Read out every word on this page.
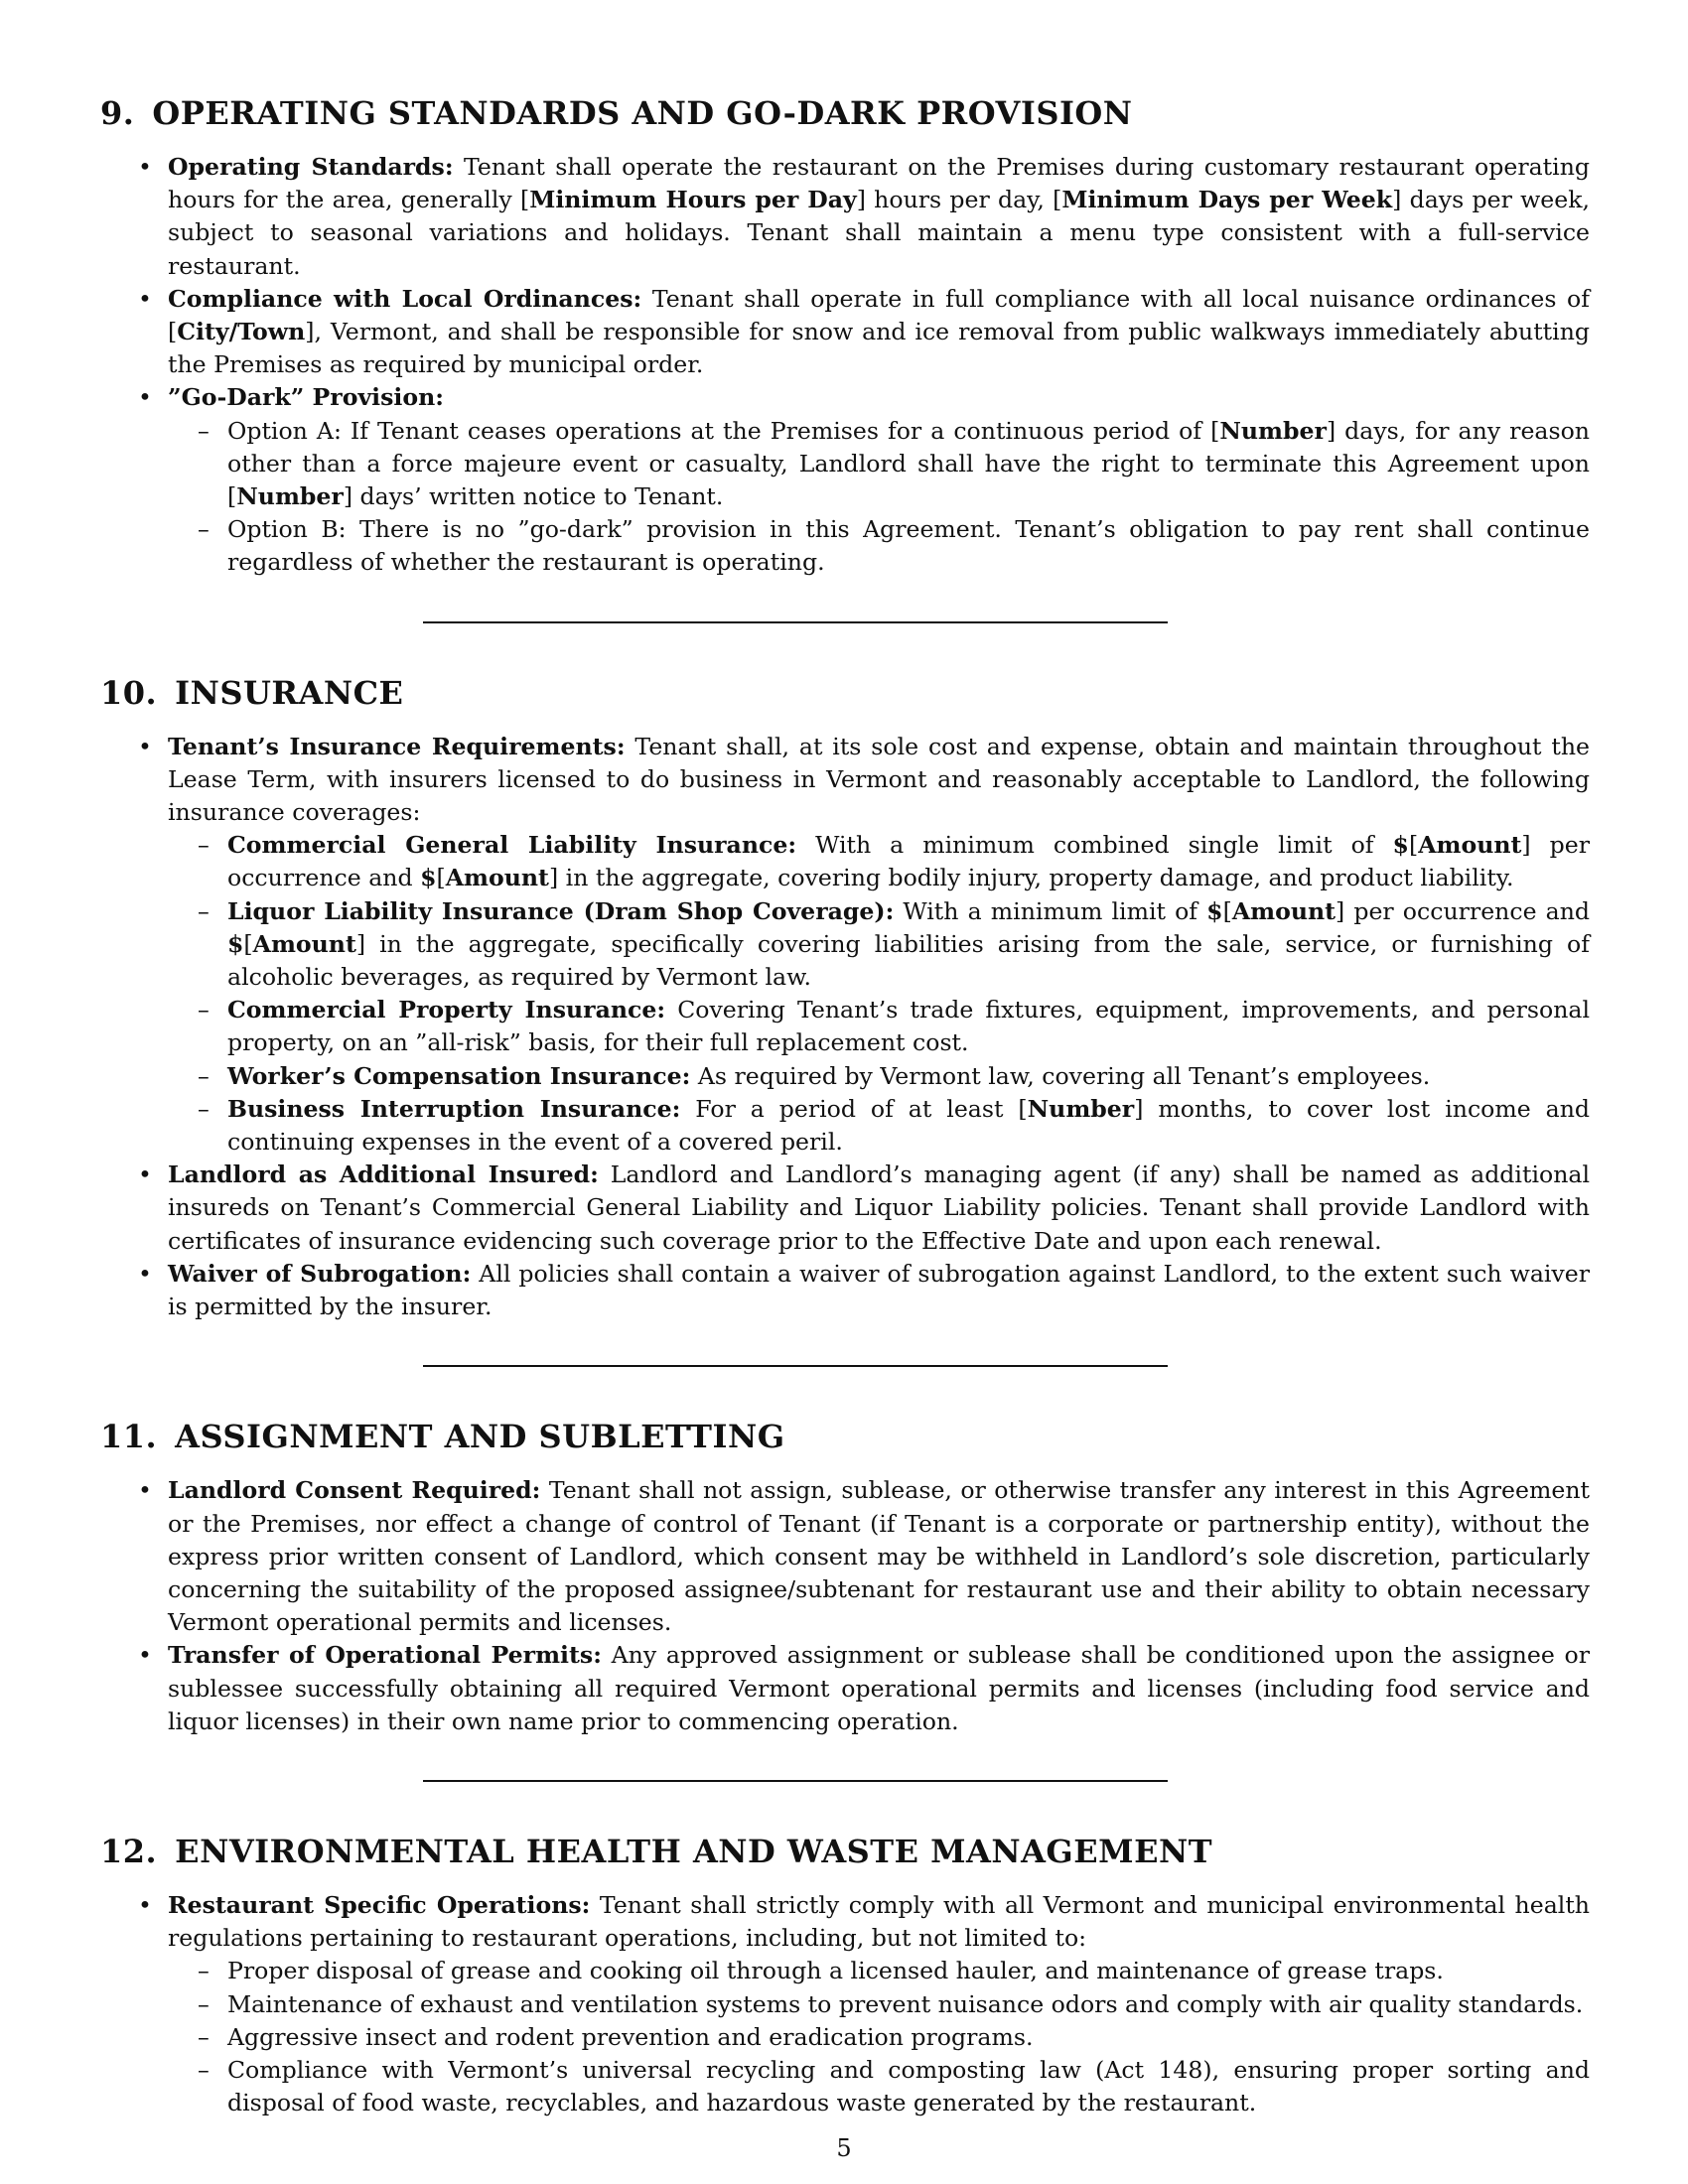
9. OPERATING STANDARDS AND GO-DARK PROVISION
• Operating Standards: Tenant shall operate the restaurant on the Premises during customary restaurant operating hours for the area, generally [Minimum Hours per Day] hours per day, [Minimum Days per Week] days per week, subject to seasonal variations and holidays. Tenant shall maintain a menu type consistent with a full-service restaurant.
• Compliance with Local Ordinances: Tenant shall operate in full compliance with all local nuisance ordinances of [City/Town], Vermont, and shall be responsible for snow and ice removal from public walkways immediately abutting the Premises as required by municipal order.
• ”Go-Dark” Provision:
– Option A: If Tenant ceases operations at the Premises for a continuous period of [Number] days, for any reason other than a force majeure event or casualty, Landlord shall have the right to terminate this Agreement upon [Number] days’ written notice to Tenant.
– Option B: There is no ”go-dark” provision in this Agreement. Tenant’s obligation to pay rent shall continue regardless of whether the restaurant is operating.
10. INSURANCE
• Tenant’s Insurance Requirements: Tenant shall, at its sole cost and expense, obtain and maintain throughout the Lease Term, with insurers licensed to do business in Vermont and reasonably acceptable to Landlord, the following insurance coverages:
– Commercial General Liability Insurance: With a minimum combined single limit of $[Amount] per occurrence and $[Amount] in the aggregate, covering bodily injury, property damage, and product liability.
– Liquor Liability Insurance (Dram Shop Coverage): With a minimum limit of $[Amount] per occurrence and $[Amount] in the aggregate, specifically covering liabilities arising from the sale, service, or furnishing of alcoholic beverages, as required by Vermont law.
– Commercial Property Insurance: Covering Tenant’s trade fixtures, equipment, improvements, and personal property, on an ”all-risk” basis, for their full replacement cost.
– Worker’s Compensation Insurance: As required by Vermont law, covering all Tenant’s employees.
– Business Interruption Insurance: For a period of at least [Number] months, to cover lost income and continuing expenses in the event of a covered peril.
• Landlord as Additional Insured: Landlord and Landlord’s managing agent (if any) shall be named as additional insureds on Tenant’s Commercial General Liability and Liquor Liability policies. Tenant shall provide Landlord with certificates of insurance evidencing such coverage prior to the Effective Date and upon each renewal.
• Waiver of Subrogation: All policies shall contain a waiver of subrogation against Landlord, to the extent such waiver is permitted by the insurer.
11. ASSIGNMENT AND SUBLETTING
• Landlord Consent Required: Tenant shall not assign, sublease, or otherwise transfer any interest in this Agreement or the Premises, nor effect a change of control of Tenant (if Tenant is a corporate or partnership entity), without the express prior written consent of Landlord, which consent may be withheld in Landlord’s sole discretion, particularly concerning the suitability of the proposed assignee/subtenant for restaurant use and their ability to obtain necessary Vermont operational permits and licenses.
• Transfer of Operational Permits: Any approved assignment or sublease shall be conditioned upon the assignee or sublessee successfully obtaining all required Vermont operational permits and licenses (including food service and liquor licenses) in their own name prior to commencing operation.
12. ENVIRONMENTAL HEALTH AND WASTE MANAGEMENT
• Restaurant Specific Operations: Tenant shall strictly comply with all Vermont and municipal environmental health regulations pertaining to restaurant operations, including, but not limited to:
– Proper disposal of grease and cooking oil through a licensed hauler, and maintenance of grease traps.
– Maintenance of exhaust and ventilation systems to prevent nuisance odors and comply with air quality standards.
– Aggressive insect and rodent prevention and eradication programs.
– Compliance with Vermont’s universal recycling and composting law (Act 148), ensuring proper sorting and disposal of food waste, recyclables, and hazardous waste generated by the restaurant.
5
